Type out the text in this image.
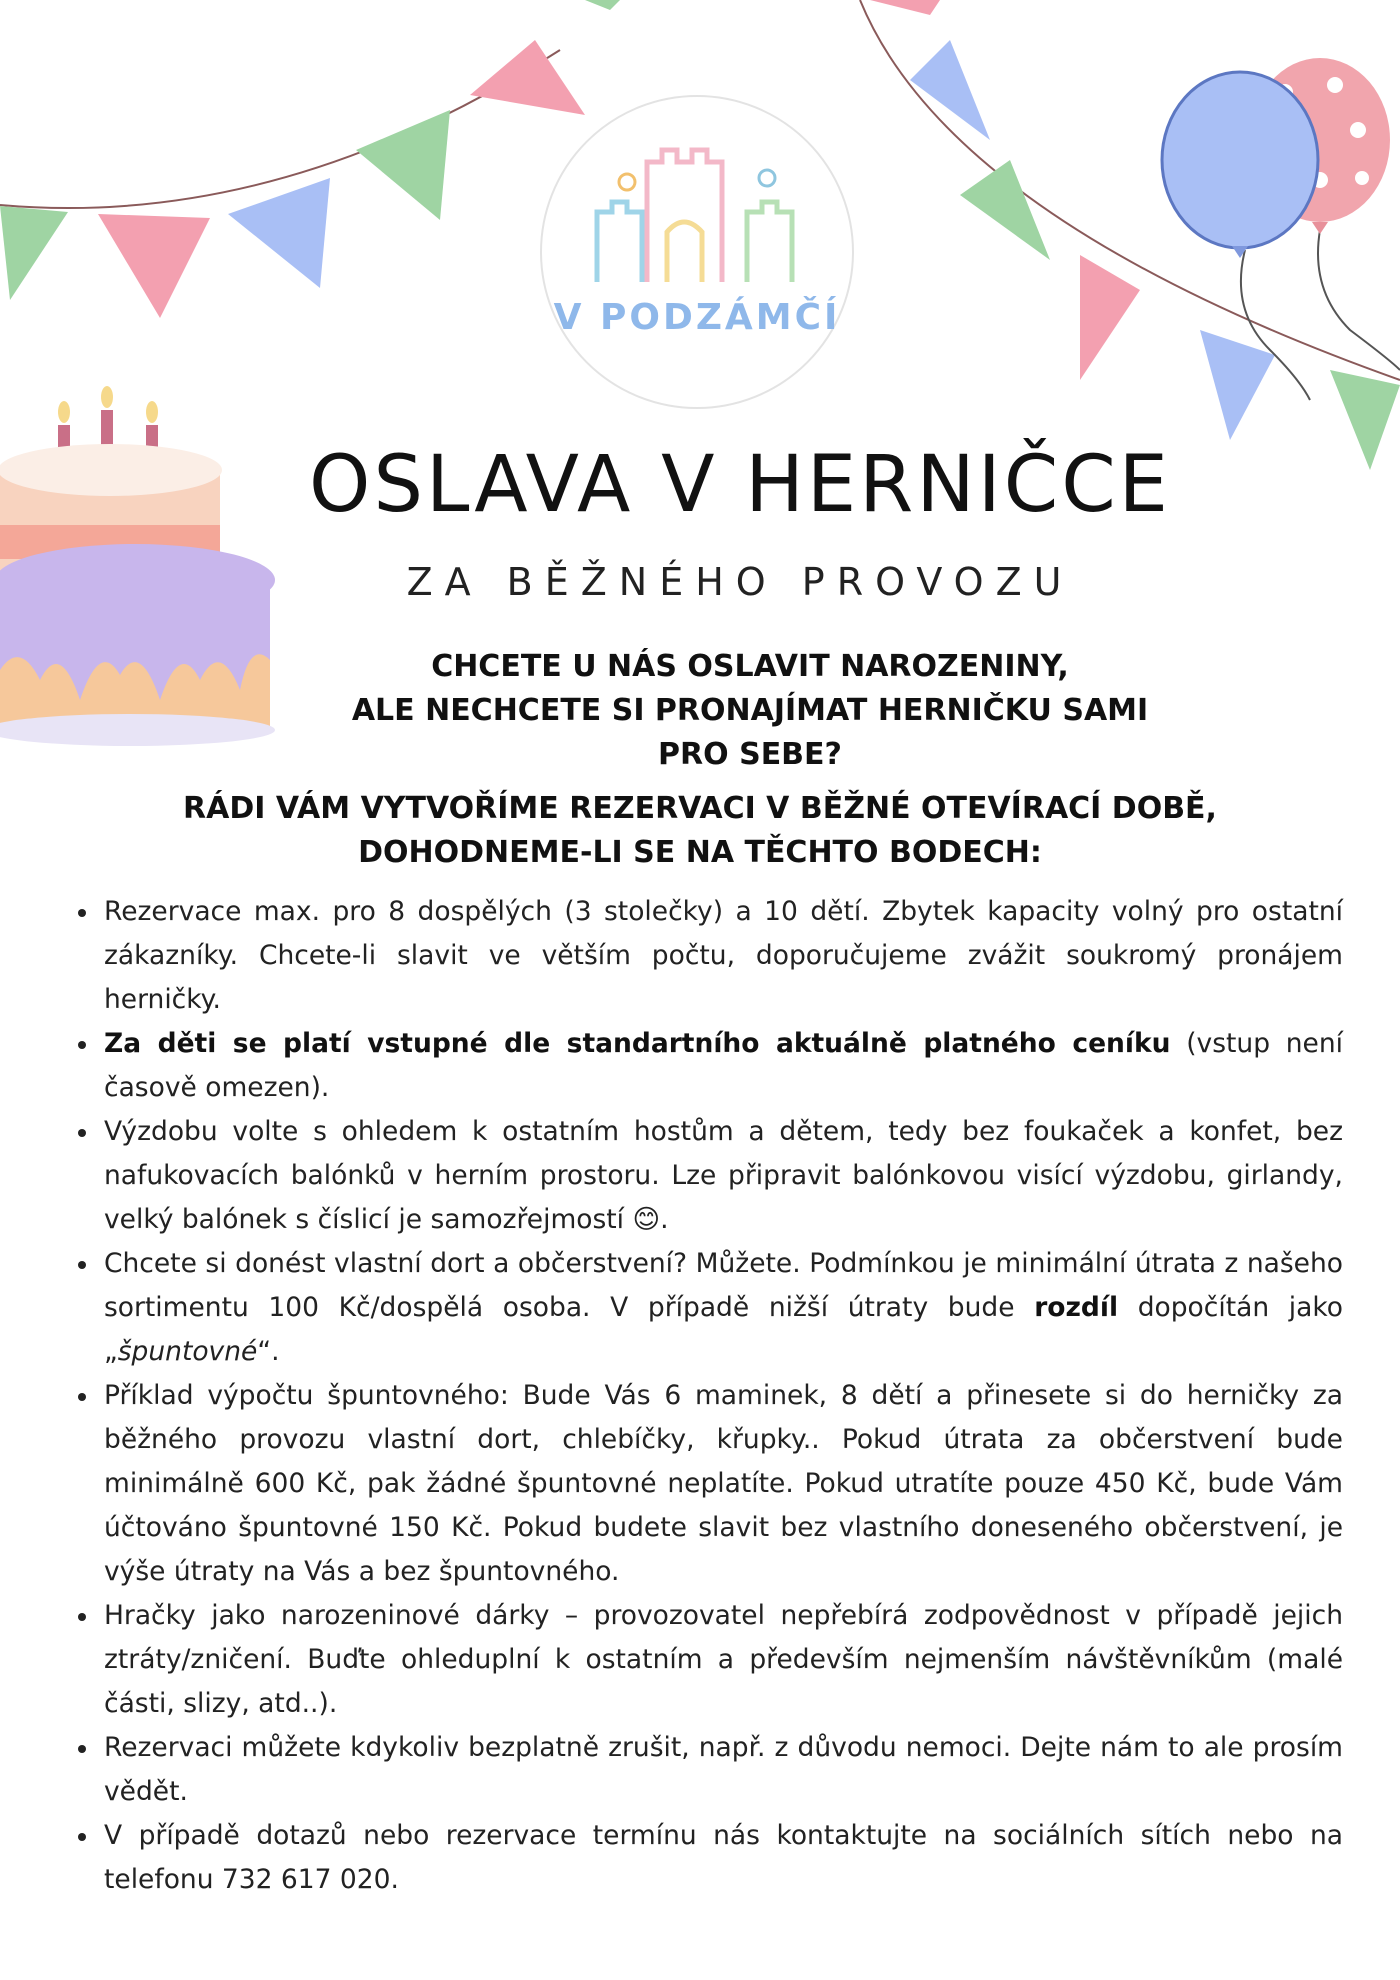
V PODZÁMČÍ
OSLAVA V HERNIČCE
ZA BĚŽNÉHO PROVOZU
CHCETE U NÁS OSLAVIT NAROZENINY,
ALE NECHCETE SI PRONAJÍMAT HERNIČKU SAMI
PRO SEBE?
RÁDI VÁM VYTVOŘÍME REZERVACI V BĚŽNÉ OTEVÍRACÍ DOBĚ,
DOHODNEME-LI SE NA TĚCHTO BODECH:
Rezervace max. pro 8 dospělých (3 stolečky) a 10 dětí. Zbytek kapacity volný pro ostatní zákazníky. Chcete-li slavit ve větším počtu, doporučujeme zvážit soukromý pronájem herničky.
Za děti se platí vstupné dle standartního aktuálně platného ceníku (vstup není časově omezen).
Výzdobu volte s ohledem k ostatním hostům a dětem, tedy bez foukaček a konfet, bez nafukovacích balónků v herním prostoru. Lze připravit balónkovou visící výzdobu, girlandy, velký balónek s číslicí je samozřejmostí 😊.
Chcete si donést vlastní dort a občerstvení? Můžete. Podmínkou je minimální útrata z našeho sortimentu 100 Kč/dospělá osoba. V případě nižší útraty bude rozdíl dopočítán jako „špuntovné“.
Příklad výpočtu špuntovného: Bude Vás 6 maminek, 8 dětí a přinesete si do herničky za běžného provozu vlastní dort, chlebíčky, křupky.. Pokud útrata za občerstvení bude minimálně 600 Kč, pak žádné špuntovné neplatíte. Pokud utratíte pouze 450 Kč, bude Vám účtováno špuntovné 150 Kč. Pokud budete slavit bez vlastního doneseného občerstvení, je výše útraty na Vás a bez špuntovného.
Hračky jako narozeninové dárky – provozovatel nepřebírá zodpovědnost v případě jejich ztráty/zničení. Buďte ohleduplní k ostatním a především nejmenším návštěvníkům (malé části, slizy, atd..).
Rezervaci můžete kdykoliv bezplatně zrušit, např. z důvodu nemoci. Dejte nám to ale prosím vědět.
V případě dotazů nebo rezervace termínu nás kontaktujte na sociálních sítích nebo na telefonu 732 617 020.
